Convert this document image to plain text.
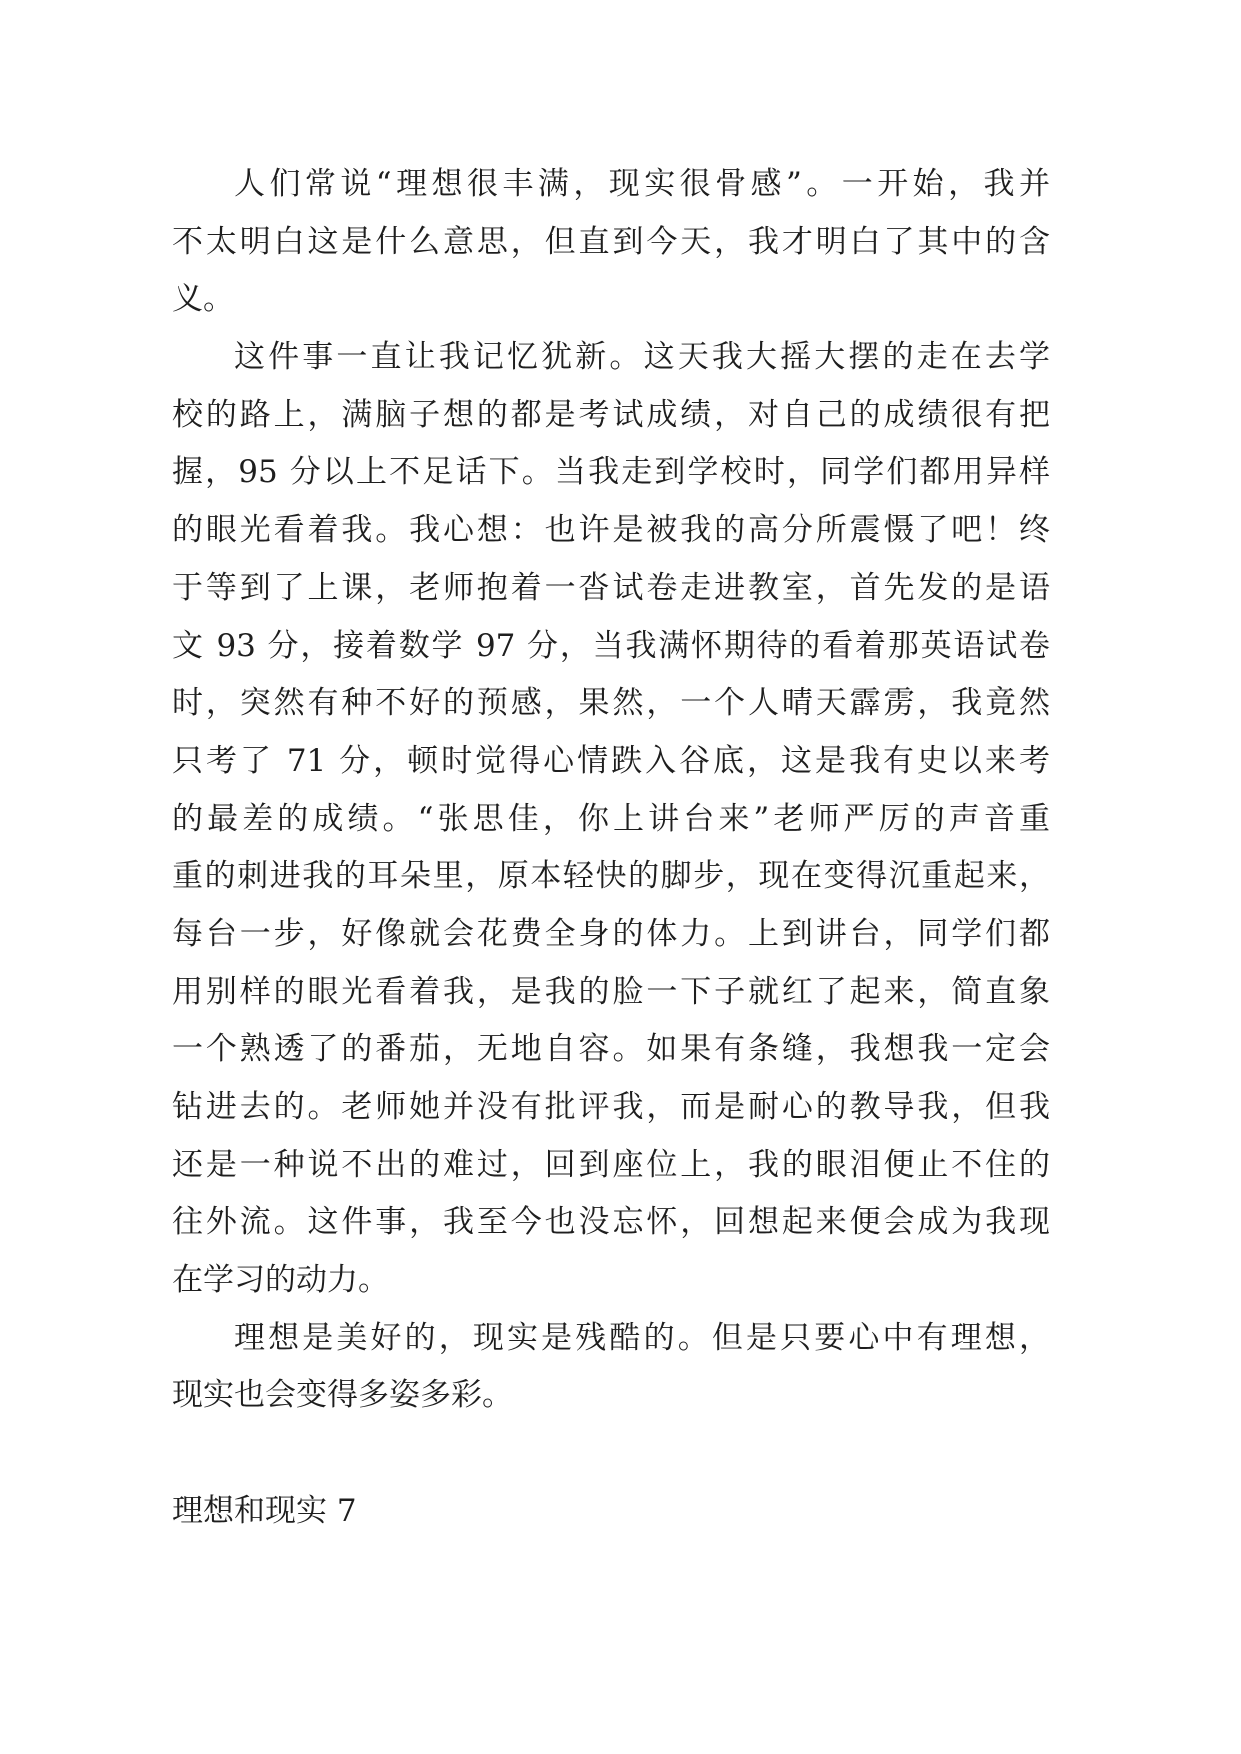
人们常说“理想很丰满，现实很骨感”。一开始，我并
不太明白这是什么意思，但直到今天，我才明白了其中的含
义。
这件事一直让我记忆犹新。这天我大摇大摆的走在去学
校的路上，满脑子想的都是考试成绩，对自己的成绩很有把
握，95 分以上不足话下。当我走到学校时，同学们都用异样
的眼光看着我。我心想：也许是被我的高分所震慑了吧！终
于等到了上课，老师抱着一沓试卷走进教室，首先发的是语
文 93 分，接着数学 97 分，当我满怀期待的看着那英语试卷
时，突然有种不好的预感，果然，一个人晴天霹雳，我竟然
只考了 71 分，顿时觉得心情跌入谷底，这是我有史以来考
的最差的成绩。“张思佳，你上讲台来”老师严厉的声音重
重的刺进我的耳朵里，原本轻快的脚步，现在变得沉重起来，
每台一步，好像就会花费全身的体力。上到讲台，同学们都
用别样的眼光看着我，是我的脸一下子就红了起来，简直象
一个熟透了的番茄，无地自容。如果有条缝，我想我一定会
钻进去的。老师她并没有批评我，而是耐心的教导我，但我
还是一种说不出的难过，回到座位上，我的眼泪便止不住的
往外流。这件事，我至今也没忘怀，回想起来便会成为我现
在学习的动力。
理想是美好的，现实是残酷的。但是只要心中有理想，
现实也会变得多姿多彩。
理想和现实 7
